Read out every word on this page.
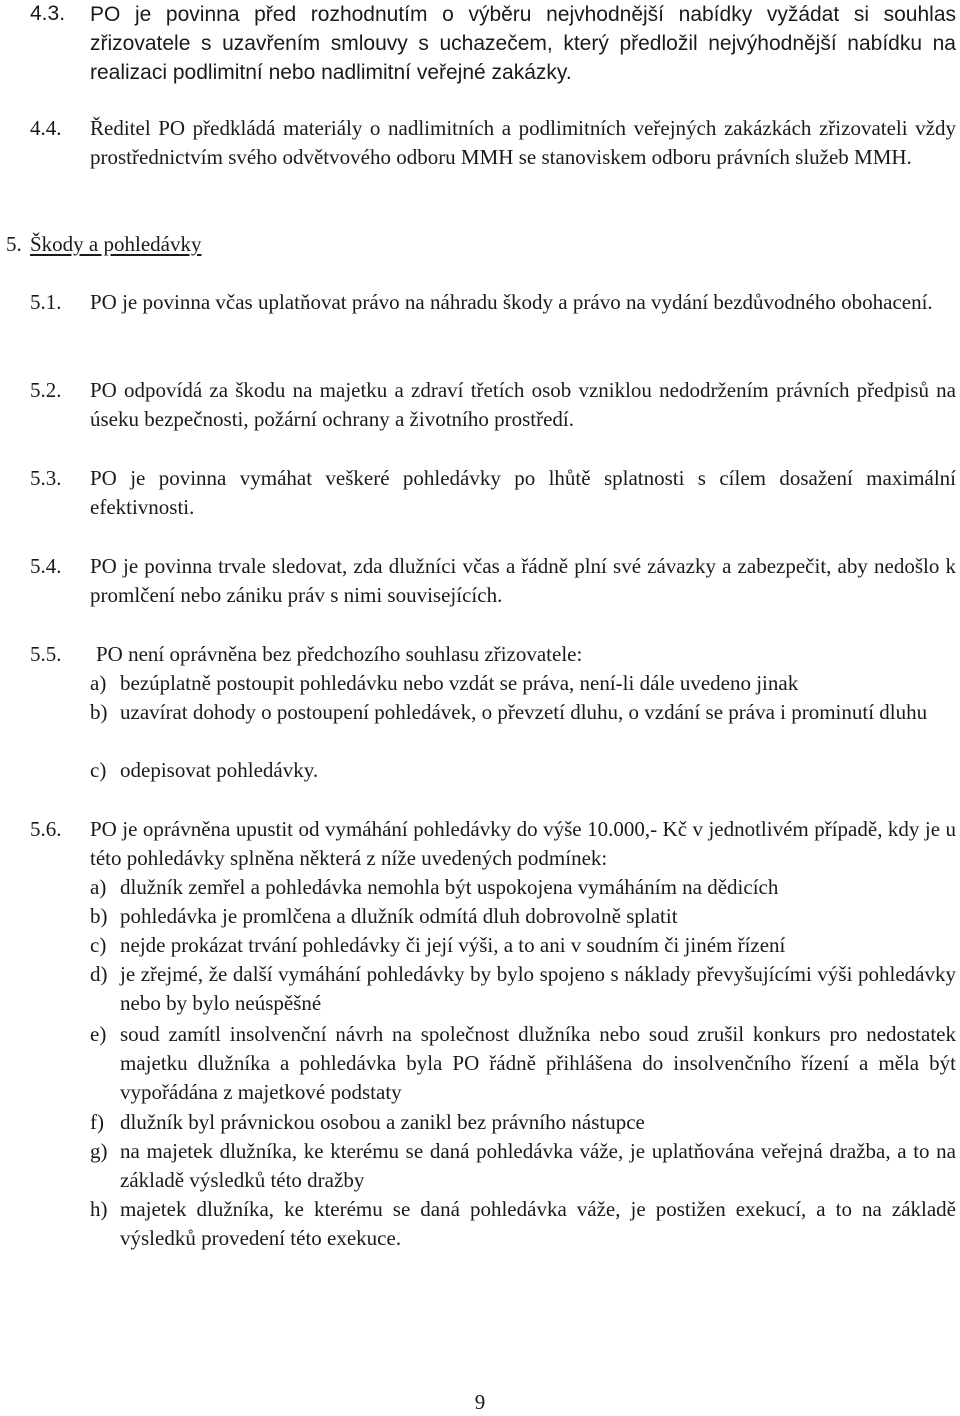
4.3. PO je povinna před rozhodnutím o výběru nejvhodnější nabídky vyžádat si souhlas zřizovatele s uzavřením smlouvy s uchazečem, který předložil nejvýhodnější nabídku na realizaci podlimitní nebo nadlimitní veřejné zakázky.
4.4. Ředitel PO předkládá materiály o nadlimitních a podlimitních veřejných zakázkách zřizovateli vždy prostřednictvím svého odvětvového odboru MMH se stanoviskem odboru právních služeb MMH.
5. Škody a pohledávky
5.1. PO je povinna včas uplatňovat právo na náhradu škody a právo na vydání bezdůvodného obohacení.
5.2. PO odpovídá za škodu na majetku a zdraví třetích osob vzniklou nedodržením právních předpisů na úseku bezpečnosti, požární ochrany a životního prostředí.
5.3. PO je povinna vymáhat veškeré pohledávky po lhůtě splatnosti s cílem dosažení maximální efektivnosti.
5.4. PO je povinna trvale sledovat, zda dlužníci včas a řádně plní své závazky a zabezpečit, aby nedošlo k promlčení nebo zániku práv s nimi souvisejících.
5.5. PO není oprávněna bez předchozího souhlasu zřizovatele:
a) bezúplatně postoupit pohledávku nebo vzdát se práva, není-li dále uvedeno jinak
b) uzavírat dohody o postoupení pohledávek, o převzetí dluhu, o vzdání se práva i prominutí dluhu
c) odepisovat pohledávky.
5.6. PO je oprávněna upustit od vymáhání pohledávky do výše 10.000,- Kč v jednotlivém případě, kdy je u této pohledávky splněna některá z níže uvedených podmínek:
a) dlužník zemřel a pohledávka nemohla být uspokojena vymáháním na dědicích
b) pohledávka je promlčena a dlužník odmítá dluh dobrovolně splatit
c) nejde prokázat trvání pohledávky či její výši, a to ani v soudním či jiném řízení
d) je zřejmé, že další vymáhání pohledávky by bylo spojeno s náklady převyšujícími výši pohledávky nebo by bylo neúspěšné
e) soud zamítl insolvenční návrh na společnost dlužníka nebo soud zrušil konkurs pro nedostatek majetku dlužníka a pohledávka byla PO řádně přihlášena do insolvenčního řízení a měla být vypořádána z majetkové podstaty
f) dlužník byl právnickou osobou a zanikl bez právního nástupce
g) na majetek dlužníka, ke kterému se daná pohledávka váže, je uplatňována veřejná dražba, a to na základě výsledků této dražby
h) majetek dlužníka, ke kterému se daná pohledávka váže, je postižen exekucí, a to na základě výsledků provedení této exekuce.
9
